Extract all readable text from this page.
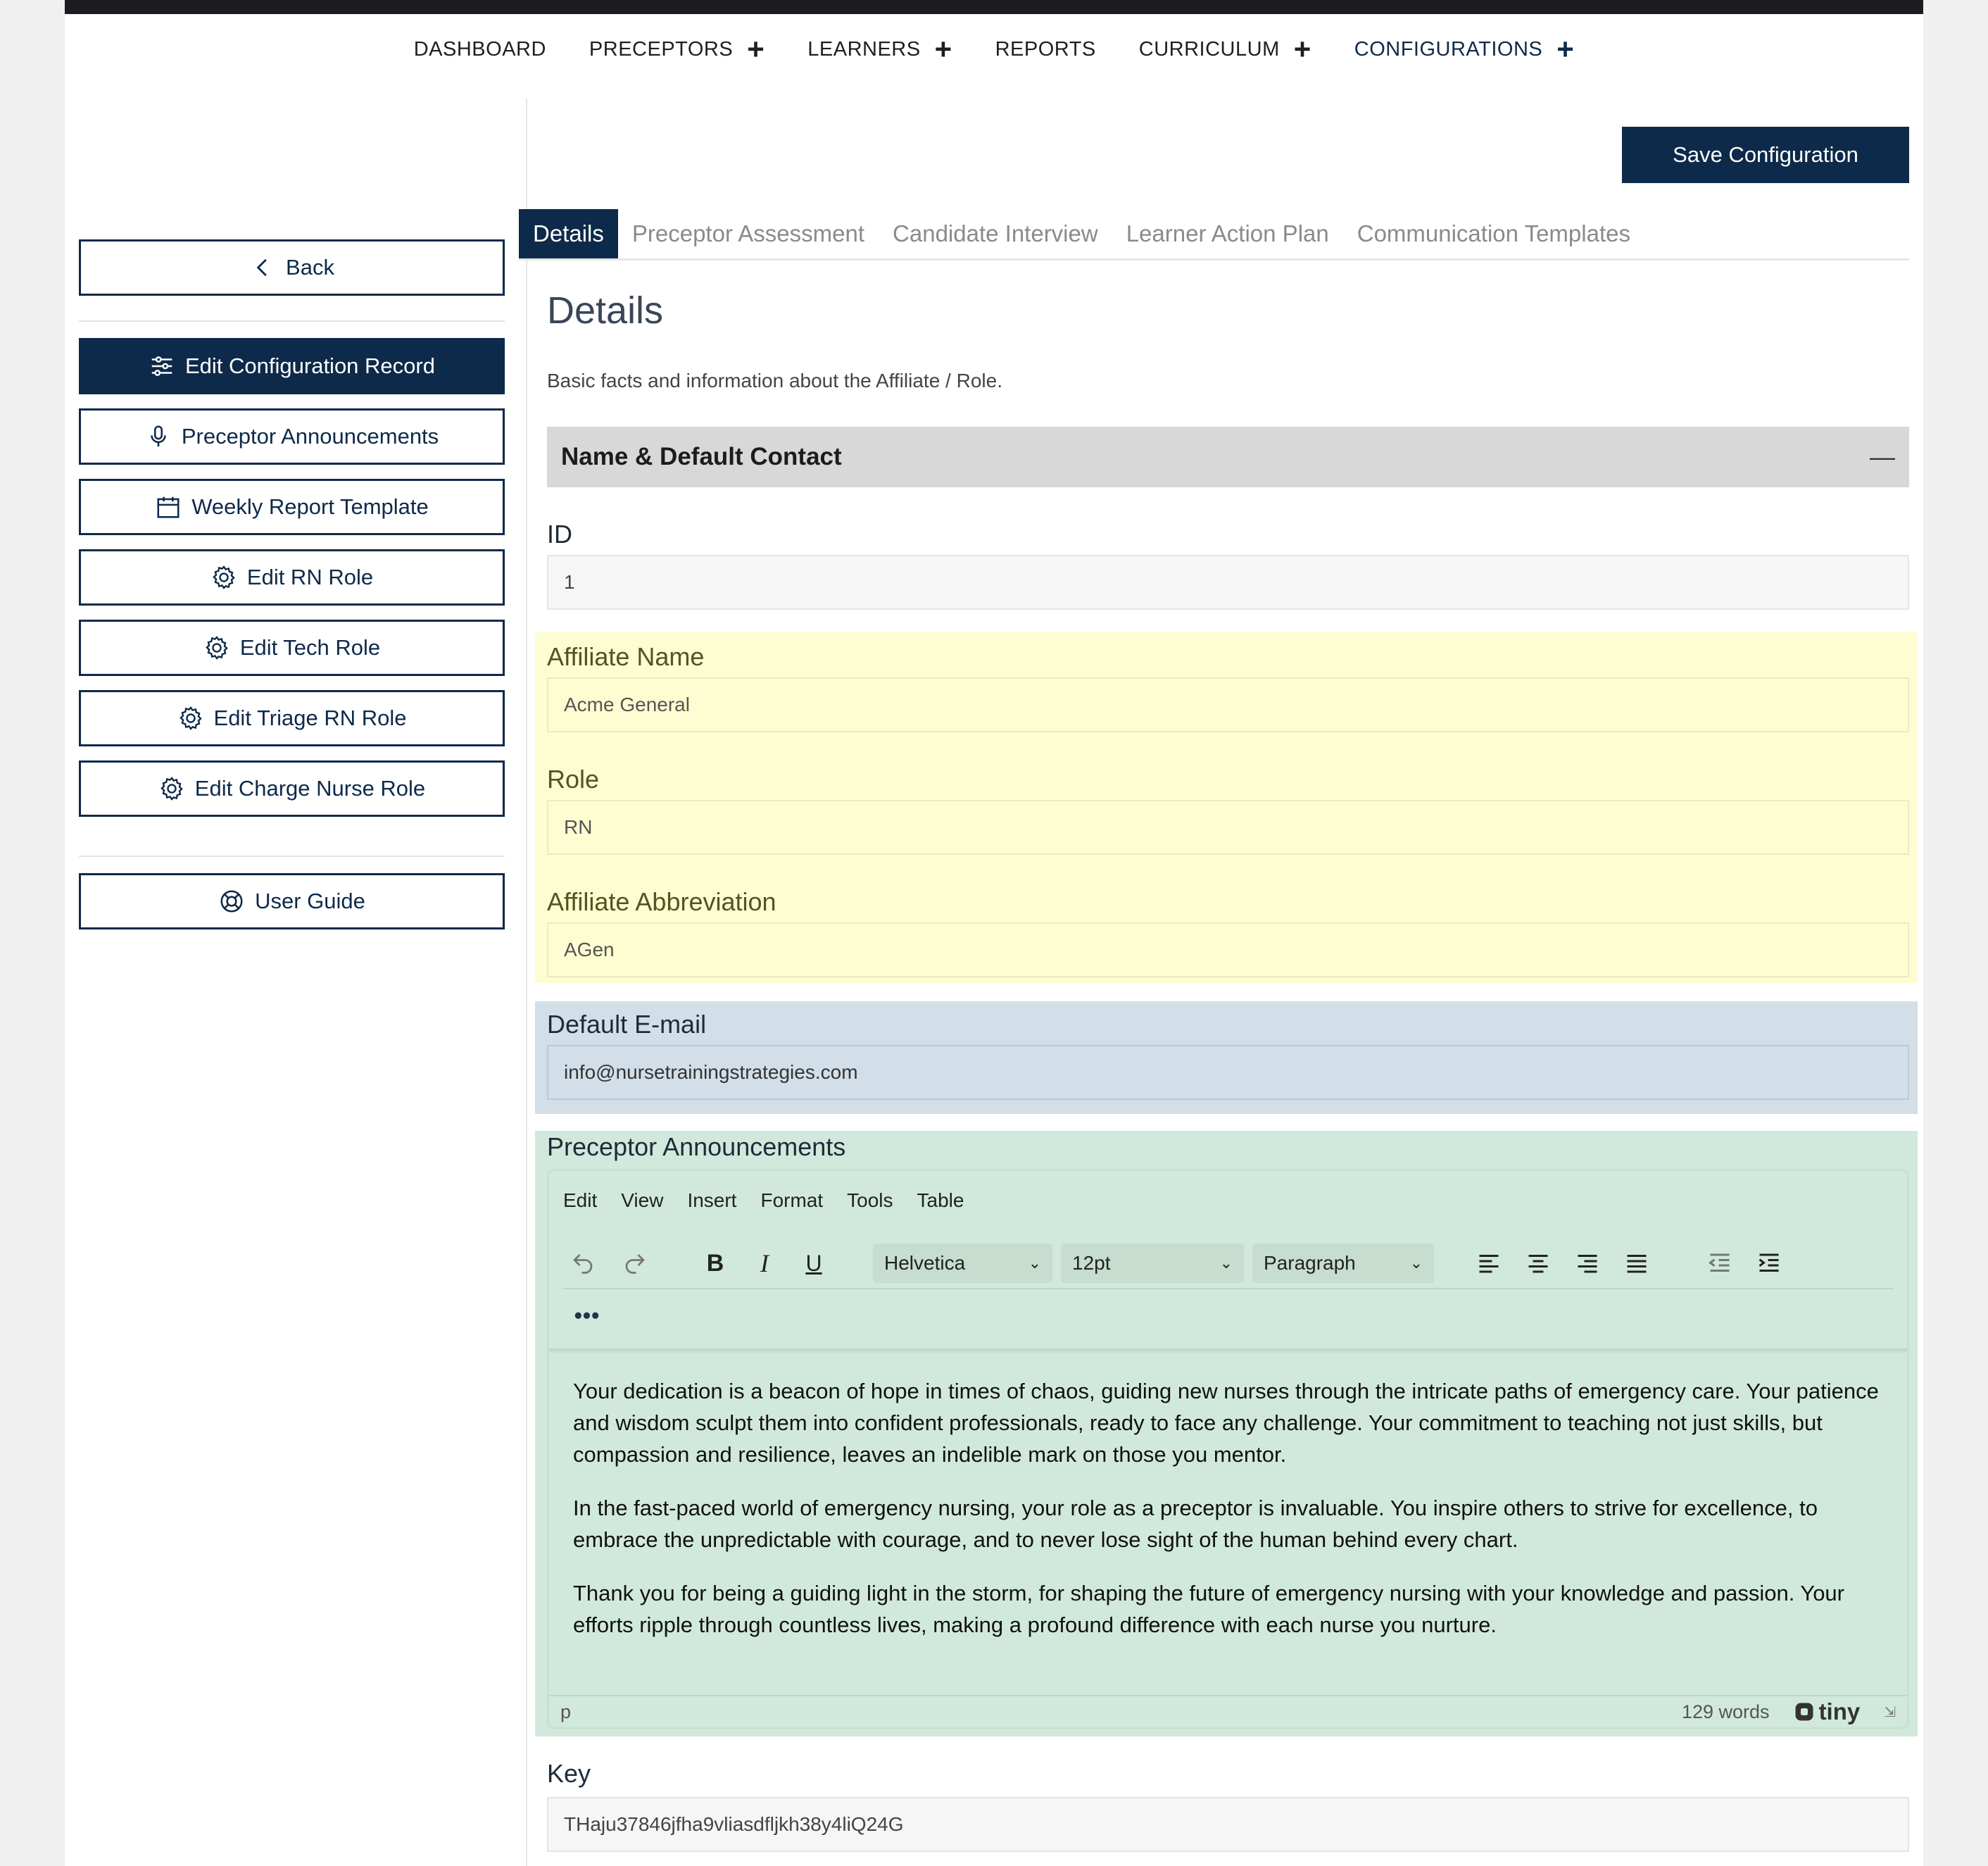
DASHBOARD PRECEPTORS + LEARNERS + REPORTS CURRICULUM + CONFIGURATIONS +
Back
Edit Configuration Record
Preceptor Announcements
Weekly Report Template
Edit RN Role
Edit Tech Role
Edit Triage RN Role
Edit Charge Nurse Role
User Guide
Save Configuration
Details	Preceptor Assessment	Candidate Interview	Learner Action Plan	Communication Templates
Details
Basic facts and information about the Affiliate / Role.
Name & Default Contact	—
ID
1
Affiliate Name
Acme General
Role
RN
Affiliate Abbreviation
AGen
Default E-mail
info@nursetrainingstrategies.com
Preceptor Announcements
Edit View Insert Format Tools Table
B	I	U	Helvetica	⌄ 12pt	⌄ Paragraph	⌄
•••

Your dedication is a beacon of hope in times of chaos, guiding new nurses through the intricate paths of emergency care. Your patience and wisdom sculpt them into confident professionals, ready to face any challenge. Your commitment to teaching not just skills, but compassion and resilience, leaves an indelible mark on those you mentor.

In the fast-paced world of emergency nursing, your role as a preceptor is invaluable. You inspire others to strive for excellence, to embrace the unpredictable with courage, and to never lose sight of the human behind every chart.

Thank you for being a guiding light in the storm, for shaping the future of emergency nursing with your knowledge and passion. Your efforts ripple through countless lives, making a profound difference with each nurse you nurture.

p	129 words tiny ⇲
Key
THaju37846jfha9vliasdfljkh38y4liQ24G
